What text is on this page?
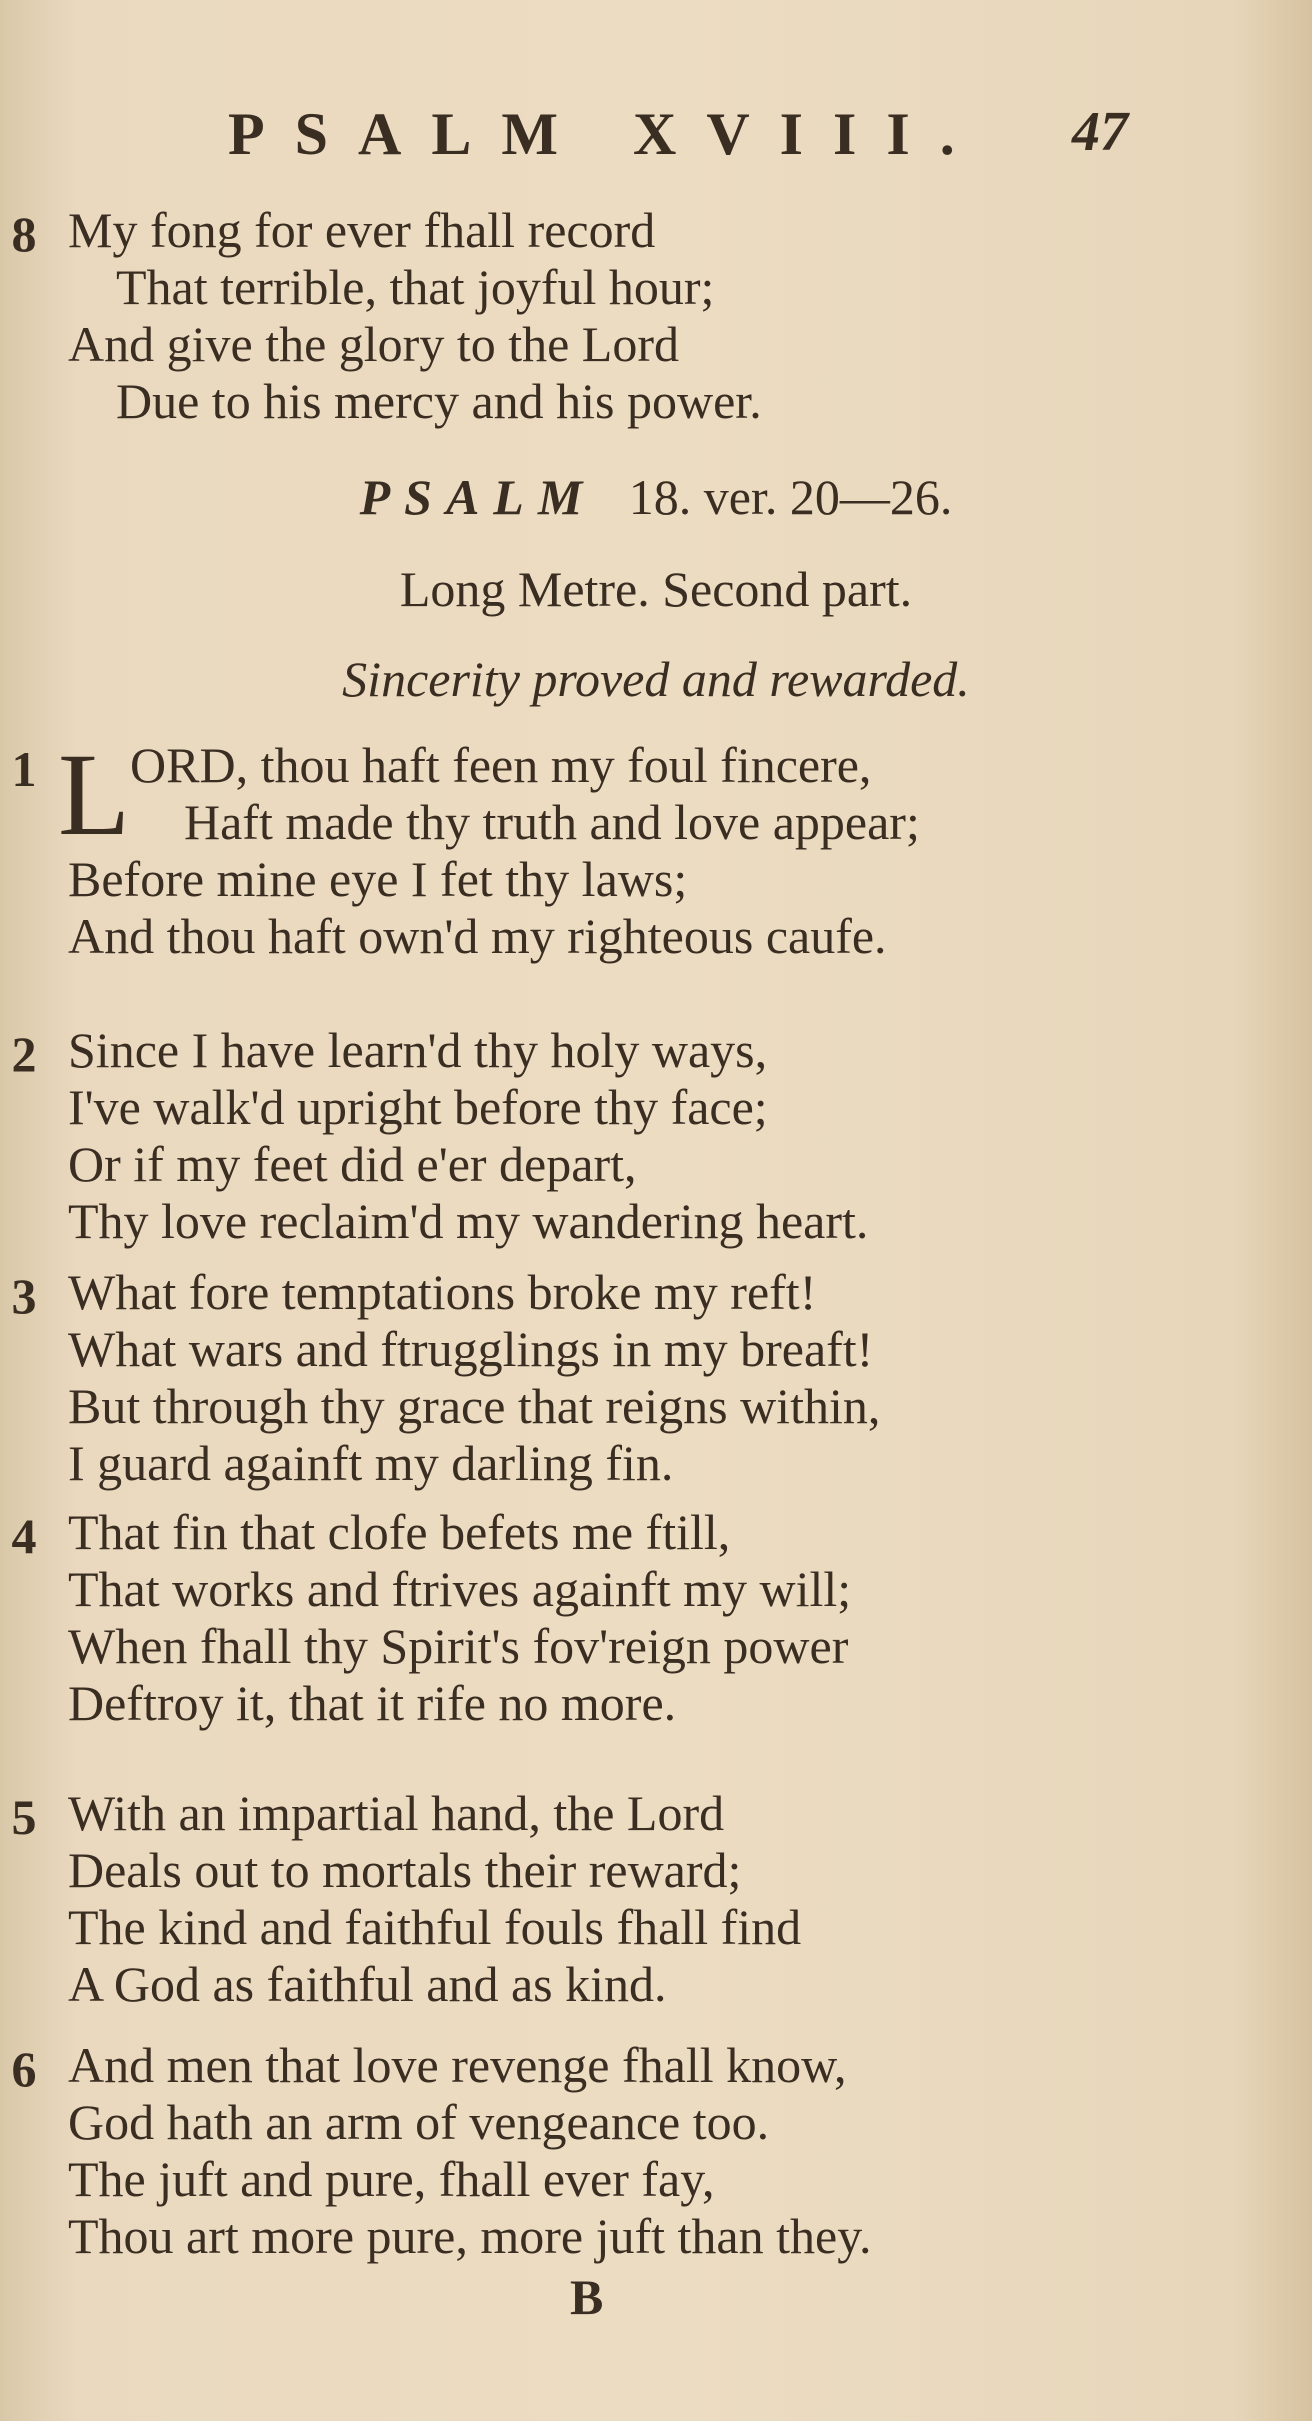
PSALM XVIII. 47
8 My fong for ever fhall record
That terrible, that joyful hour;
And give the glory to the Lord
Due to his mercy and his power.
PSALM 18. ver. 20—26.
Long Metre. Second part.
Sincerity proved and rewarded.
L
1 ORD, thou haft feen my foul fincere,
Haft made thy truth and love appear;
Before mine eye I fet thy laws;
And thou haft own'd my righteous caufe.
2 Since I have learn'd thy holy ways,
I've walk'd upright before thy face;
Or if my feet did e'er depart,
Thy love reclaim'd my wandering heart.
3 What fore temptations broke my reft!
What wars and ftrugglings in my breaft!
But through thy grace that reigns within,
I guard againft my darling fin.
4 That fin that clofe befets me ftill,
That works and ftrives againft my will;
When fhall thy Spirit's fov'reign power
Deftroy it, that it rife no more.
5 With an impartial hand, the Lord
Deals out to mortals their reward;
The kind and faithful fouls fhall find
A God as faithful and as kind.
6 And men that love revenge fhall know,
God hath an arm of vengeance too.
The juft and pure, fhall ever fay,
Thou art more pure, more juft than they.
B
